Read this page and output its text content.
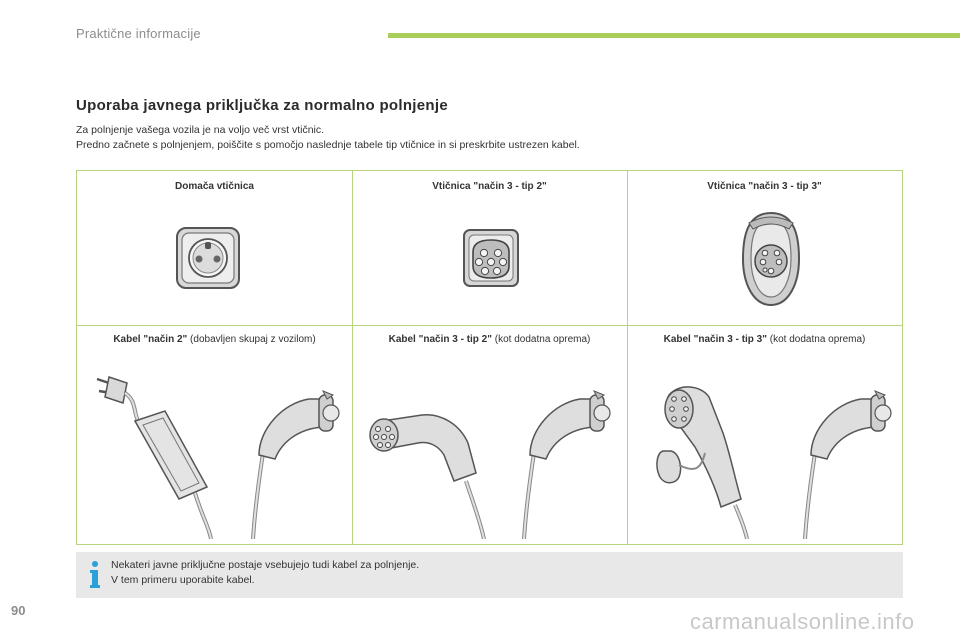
Praktične informacije
Uporaba javnega priključka za normalno polnjenje

Za polnjenje vašega vozila je na voljo več vrst vtičnic.

Predno začnete s polnjenjem, poiščite s pomočjo naslednje tabele tip vtičnice in si preskrbite ustrezen kabel.

Domača vtičnica	Vtičnica "način 3 - tip 2"	Vtičnica "način 3 - tip 3"
Kabel "način 2" (dobavljen skupaj z vozilom)	Kabel "način 3 - tip 2" (kot dodatna oprema)	Kabel "način 3 - tip 3" (kot dodatna oprema)

Nekateri javne priključne postaje vsebujejo tudi kabel za polnjenje.

V tem primeru uporabite kabel.

90	carmanualsonline.info
